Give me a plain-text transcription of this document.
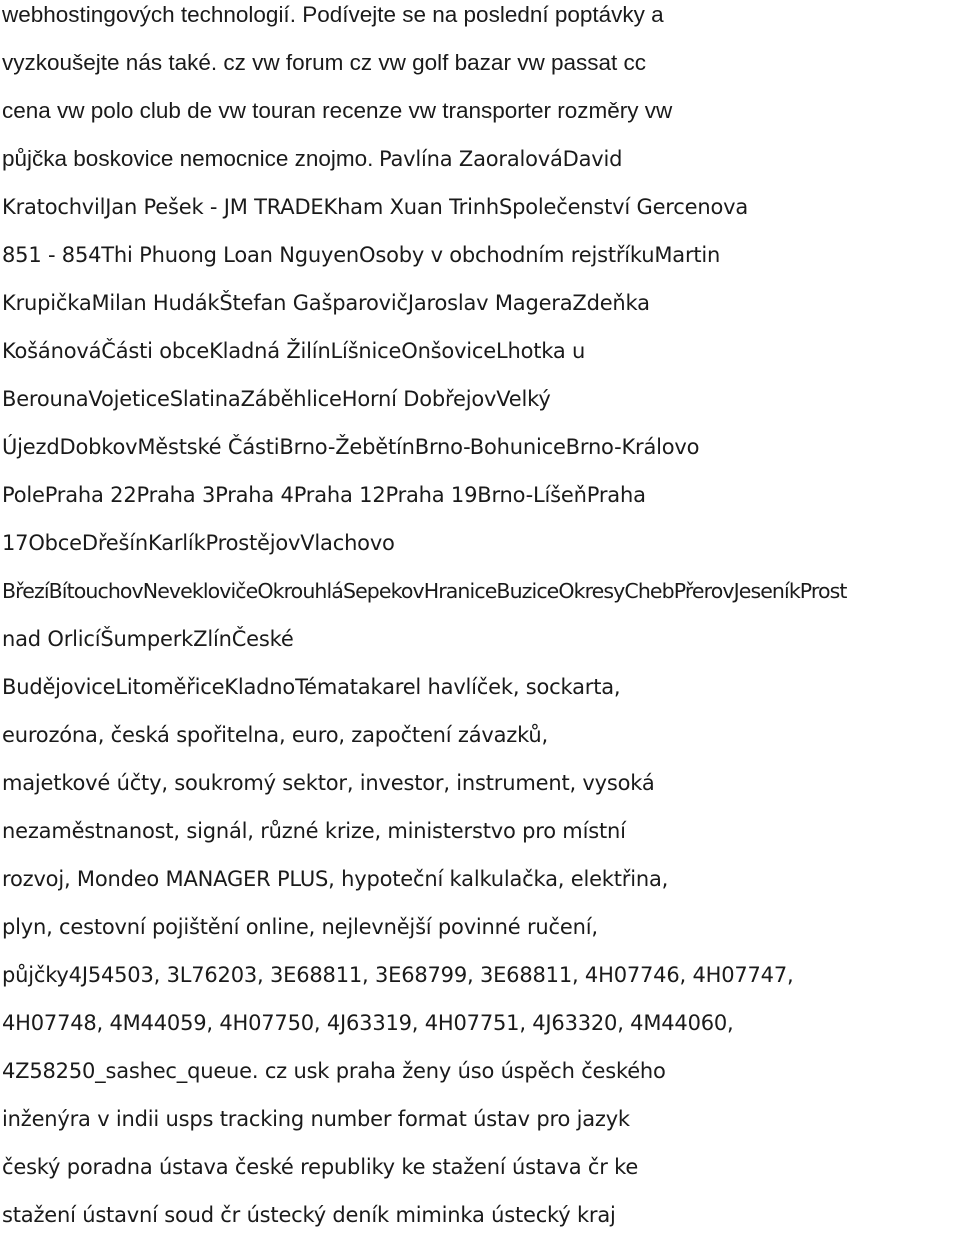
webhostingových technologií. Podívejte se na poslední poptávky a
vyzkoušejte nás také. cz vw forum cz vw golf bazar vw passat cc
cena vw polo club de vw touran recenze vw transporter rozměry vw
půjčka boskovice nemocnice znojmo. Pavlína ZaoralováDavid
KratochvilJan Pešek - JM TRADEKham Xuan TrinhSpolečenství Gercenova
851 - 854Thi Phuong Loan NguyenOsoby v obchodním rejstříkuMartin
KrupičkaMilan HudákŠtefan GašparovičJaroslav MageraZdeňka
KošánováČásti obceKladná ŽilínLíšniceOnšoviceLhotka u
BerounaVojeticeSlatinaZáběhliceHorní DobřejovVelký
ÚjezdDobkovMěstské ČástiBrno-ŽebětínBrno-BohuniceBrno-Královo
PolePraha 22Praha 3Praha 4Praha 12Praha 19Brno-LíšeňPraha
17ObceDřešínKarlíkProstějovVlachovo
BřezíBítouchovNeveklovičeOkrouhláSepekovHraniceBuziceOkresyChebPřerovJeseníkProst
nad OrlicíŠumperkZlínČeské
BudějoviceLitoměřiceKladnoTématakarel havlíček, sockarta,
eurozóna, česká spořitelna, euro, započtení závazků,
majetkové účty, soukromý sektor, investor, instrument, vysoká
nezaměstnanost, signál, různé krize, ministerstvo pro místní
rozvoj, Mondeo MANAGER PLUS, hypoteční kalkulačka, elektřina,
plyn, cestovní pojištění online, nejlevnější povinné ručení,
půjčky4J54503, 3L76203, 3E68811, 3E68799, 3E68811, 4H07746, 4H07747,
4H07748, 4M44059, 4H07750, 4J63319, 4H07751, 4J63320, 4M44060,
4Z58250_sashec_queue. cz usk praha ženy úso úspěch českého
inženýra v indii usps tracking number format ústav pro jazyk
český poradna ústava české republiky ke stažení ústava čr ke
stažení ústavní soud čr ústecký deník miminka ústecký kraj
